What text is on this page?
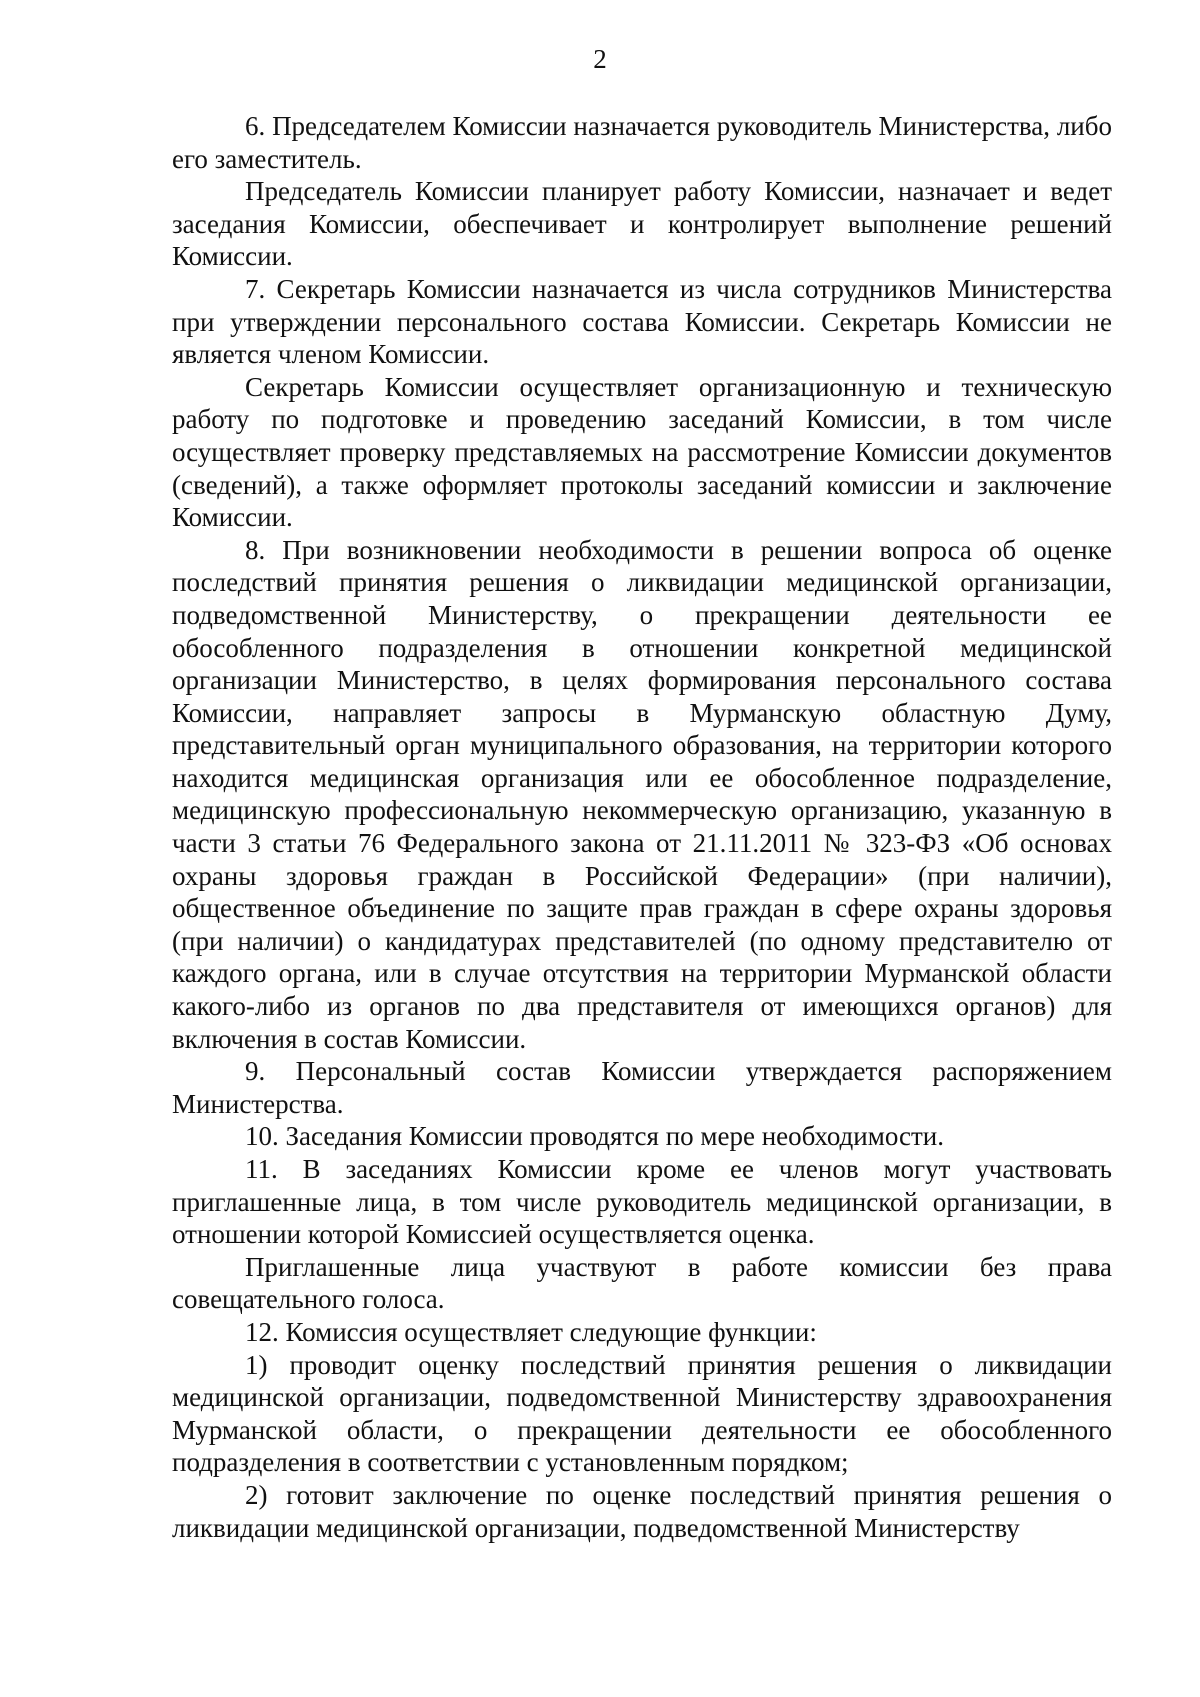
2

6. Председателем Комиссии назначается руководитель Министерства, либо его заместитель.

Председатель Комиссии планирует работу Комиссии, назначает и ведет заседания Комиссии, обеспечивает и контролирует выполнение решений Комиссии.

7. Секретарь Комиссии назначается из числа сотрудников Министерства при утверждении персонального состава Комиссии. Секретарь Комиссии не является членом Комиссии.

Секретарь Комиссии осуществляет организационную и техническую работу по подготовке и проведению заседаний Комиссии, в том числе осуществляет проверку представляемых на рассмотрение Комиссии документов (сведений), а также оформляет протоколы заседаний комиссии и заключение Комиссии.

8. При возникновении необходимости в решении вопроса об оценке последствий принятия решения о ликвидации медицинской организации, подведомственной Министерству, о прекращении деятельности ее обособленного подразделения в отношении конкретной медицинской организации Министерство, в целях формирования персонального состава Комиссии, направляет запросы в Мурманскую областную Думу, представительный орган муниципального образования, на территории которого находится медицинская организация или ее обособленное подразделение, медицинскую профессиональную некоммерческую организацию, указанную в части 3 статьи 76 Федерального закона от 21.11.2011 № 323-ФЗ «Об основах охраны здоровья граждан в Российской Федерации» (при наличии), общественное объединение по защите прав граждан в сфере охраны здоровья (при наличии) о кандидатурах представителей (по одному представителю от каждого органа, или в случае отсутствия на территории Мурманской области какого-либо из органов по два представителя от имеющихся органов) для включения в состав Комиссии.

9. Персональный состав Комиссии утверждается распоряжением Министерства.

10. Заседания Комиссии проводятся по мере необходимости.

11. В заседаниях Комиссии кроме ее членов могут участвовать приглашенные лица, в том числе руководитель медицинской организации, в отношении которой Комиссией осуществляется оценка.

Приглашенные лица участвуют в работе комиссии без права совещательного голоса.

12. Комиссия осуществляет следующие функции:

1) проводит оценку последствий принятия решения о ликвидации медицинской организации, подведомственной Министерству здравоохранения Мурманской области, о прекращении деятельности ее обособленного подразделения в соответствии с установленным порядком;

2) готовит заключение по оценке последствий принятия решения о ликвидации медицинской организации, подведомственной Министерству
